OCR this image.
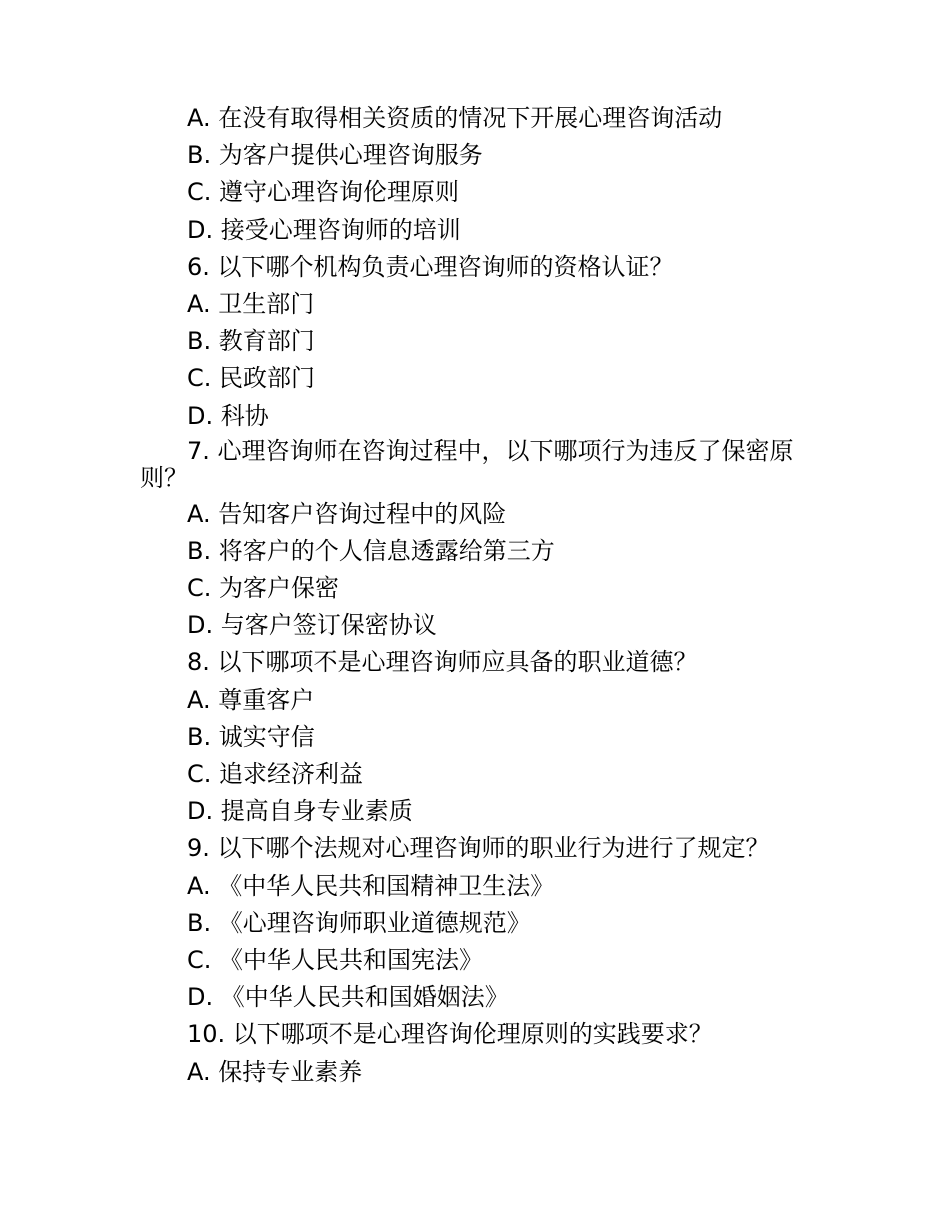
A. 在没有取得相关资质的情况下开展心理咨询活动
B. 为客户提供心理咨询服务
C. 遵守心理咨询伦理原则
D. 接受心理咨询师的培训
6. 以下哪个机构负责心理咨询师的资格认证？
A. 卫生部门
B. 教育部门
C. 民政部门
D. 科协
7. 心理咨询师在咨询过程中，以下哪项行为违反了保密原则？
A. 告知客户咨询过程中的风险
B. 将客户的个人信息透露给第三方
C. 为客户保密
D. 与客户签订保密协议
8. 以下哪项不是心理咨询师应具备的职业道德？
A. 尊重客户
B. 诚实守信
C. 追求经济利益
D. 提高自身专业素质
9. 以下哪个法规对心理咨询师的职业行为进行了规定？
A. 《中华人民共和国精神卫生法》
B. 《心理咨询师职业道德规范》
C. 《中华人民共和国宪法》
D. 《中华人民共和国婚姻法》
10. 以下哪项不是心理咨询伦理原则的实践要求？
A. 保持专业素养
